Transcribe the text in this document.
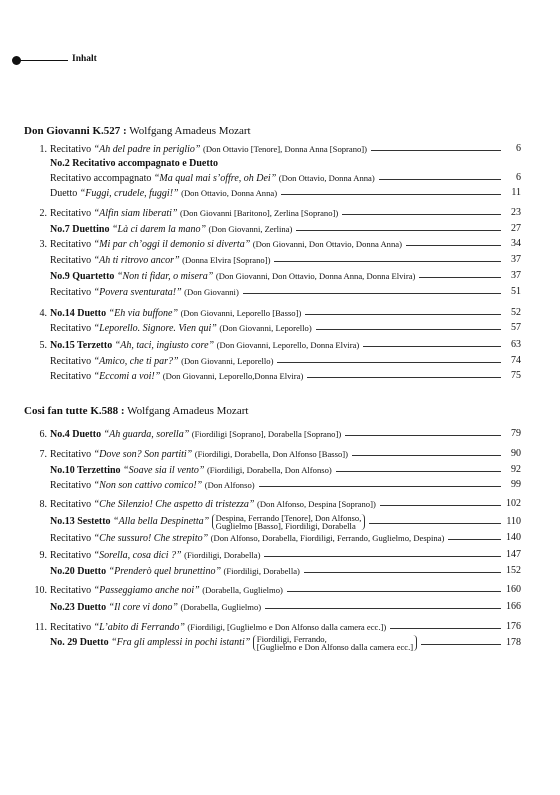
Inhalt
Don Giovanni K.527 : Wolfgang Amadeus Mozart
Cosi fan tutte K.588 : Wolfgang Amadeus Mozart
1. Recitativo “Ah del padre in periglio” (Don Ottavio [Tenore], Donna Anna [Soprano])	6
No.2 Recitativo accompagnato e Duetto
Recitativo accompagnato “Ma qual mai s’offre, oh Dei” (Don Ottavio, Donna Anna)	6
Duetto “Fuggi, crudele, fuggi!” (Don Ottavio, Donna Anna)	11
2. Recitativo “Alfin siam liberati” (Don Giovanni [Baritono], Zerlina [Soprano])	23
No.7 Duettino “Là ci darem la mano” (Don Giovanni, Zerlina)	27
3. Recitativo “Mi par ch’oggi il demonio si diverta” (Don Giovanni, Don Ottavio, Donna Anna)	34
Recitativo “Ah ti ritrovo ancor” (Donna Elvira [Soprano])	37
No.9 Quartetto “Non ti fidar, o misera” (Don Giovanni, Don Ottavio, Donna Anna, Donna Elvira)	37
Recitativo “Povera sventurata!” (Don Giovanni)	51
4. No.14 Duetto “Eh via buffone” (Don Giovanni, Leporello [Basso])	52
Recitativo “Leporello. Signore. Vien qui” (Don Giovanni, Leporello)	57
5. No.15 Terzetto “Ah, taci, ingiusto core” (Don Giovanni, Leporello, Donna Elvira)	63
Recitativo “Amico, che ti par?” (Don Giovanni, Leporello)	74
Recitativo “Eccomi a voi!” (Don Giovanni, Leporello,Donna Elvira)	75
6. No.4 Duetto “Ah guarda, sorella” (Fiordiligi [Soprano], Dorabella [Soprano])	79
7. Recitativo “Dove son? Son partiti” (Fiordiligi, Dorabella, Don Alfonso [Basso])	90
No.10 Terzettino “Soave sia il vento” (Fiordiligi, Dorabella, Don Alfonso)	92
Recitativo “Non son cattivo comico!” (Don Alfonso)	99
8. Recitativo “Che Silenzio! Che aspetto di tristezza” (Don Alfonso, Despina [Soprano])	102
No.13 Sestetto “Alla bella Despinetta” Despina, Ferrando [Tenore], Don Alfonso,
Guglielmo [Basso], Fiordiligi, Dorabella	110
Recitativo “Che sussuro! Che strepito” (Don Alfonso, Dorabella, Fiordiligi, Ferrando, Guglielmo, Despina)	140
9. Recitativo “Sorella, cosa dici ?” (Fiordiligi, Dorabella)	147
No.20 Duetto “Prenderò quel brunettino” (Fiordiligi, Dorabella)	152
10. Recitativo “Passeggiamo anche noi” (Dorabella, Guglielmo)	160
No.23 Duetto “Il core vi dono” (Dorabella, Guglielmo)	166
11. Recitativo “L’abito di Ferrando” (Fiordiligi, [Guglielmo e Don Alfonso dalla camera ecc.])	176
No. 29 Duetto “Fra gli amplessi in pochi istanti” Fiordiligi, Ferrando,
[Guglielmo e Don Alfonso dalla camera ecc.]	178
